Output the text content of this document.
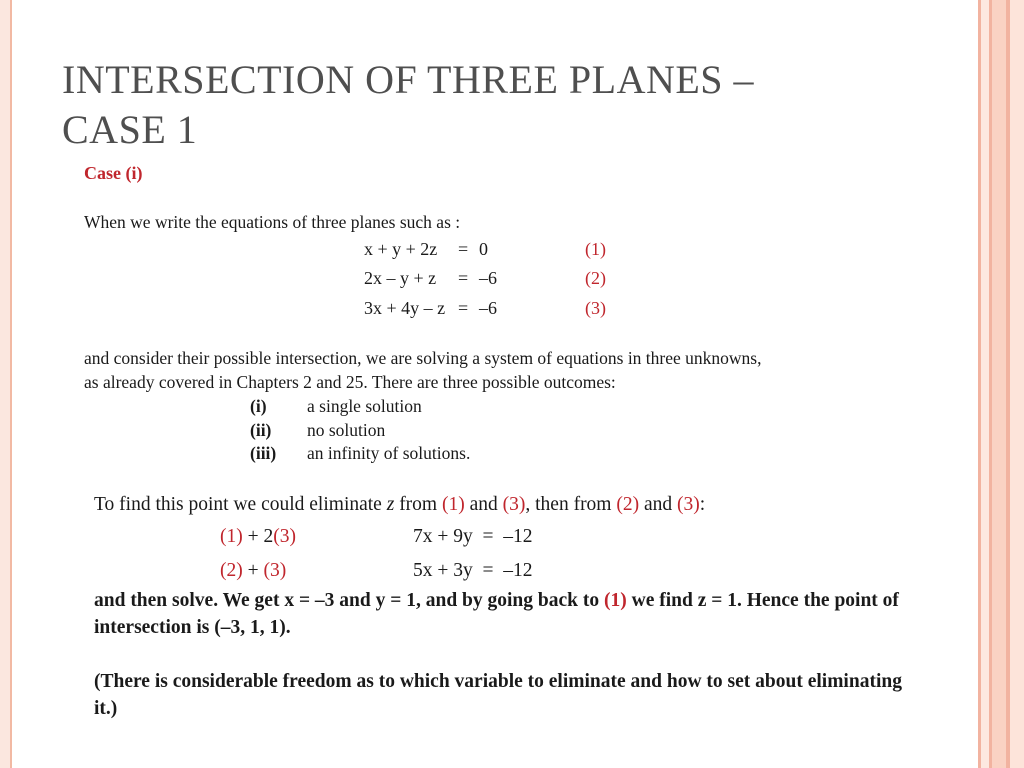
INTERSECTION OF THREE PLANES –
CASE 1
Case (i)
When we write the equations of three planes such as :
x + y + 2z = 0	(1)
2x – y + z = –6	(2)
3x + 4y – z = –6	(3)
and consider their possible intersection, we are solving a system of equations in three unknowns,
as already covered in Chapters 2 and 25. There are three possible outcomes:
(i) a single solution
(ii) no solution
(iii) an infinity of solutions.
To find this point we could eliminate z from (1) and (3), then from (2) and (3):
(1) + 2(3)	7x + 9y  =  –12
(2) + (3)	5x + 3y  =  –12
and then solve. We get x = –3 and y = 1, and by going back to (1) we find z = 1. Hence the point of
intersection is (–3, 1, 1).
(There is considerable freedom as to which variable to eliminate and how to set about eliminating
it.)
